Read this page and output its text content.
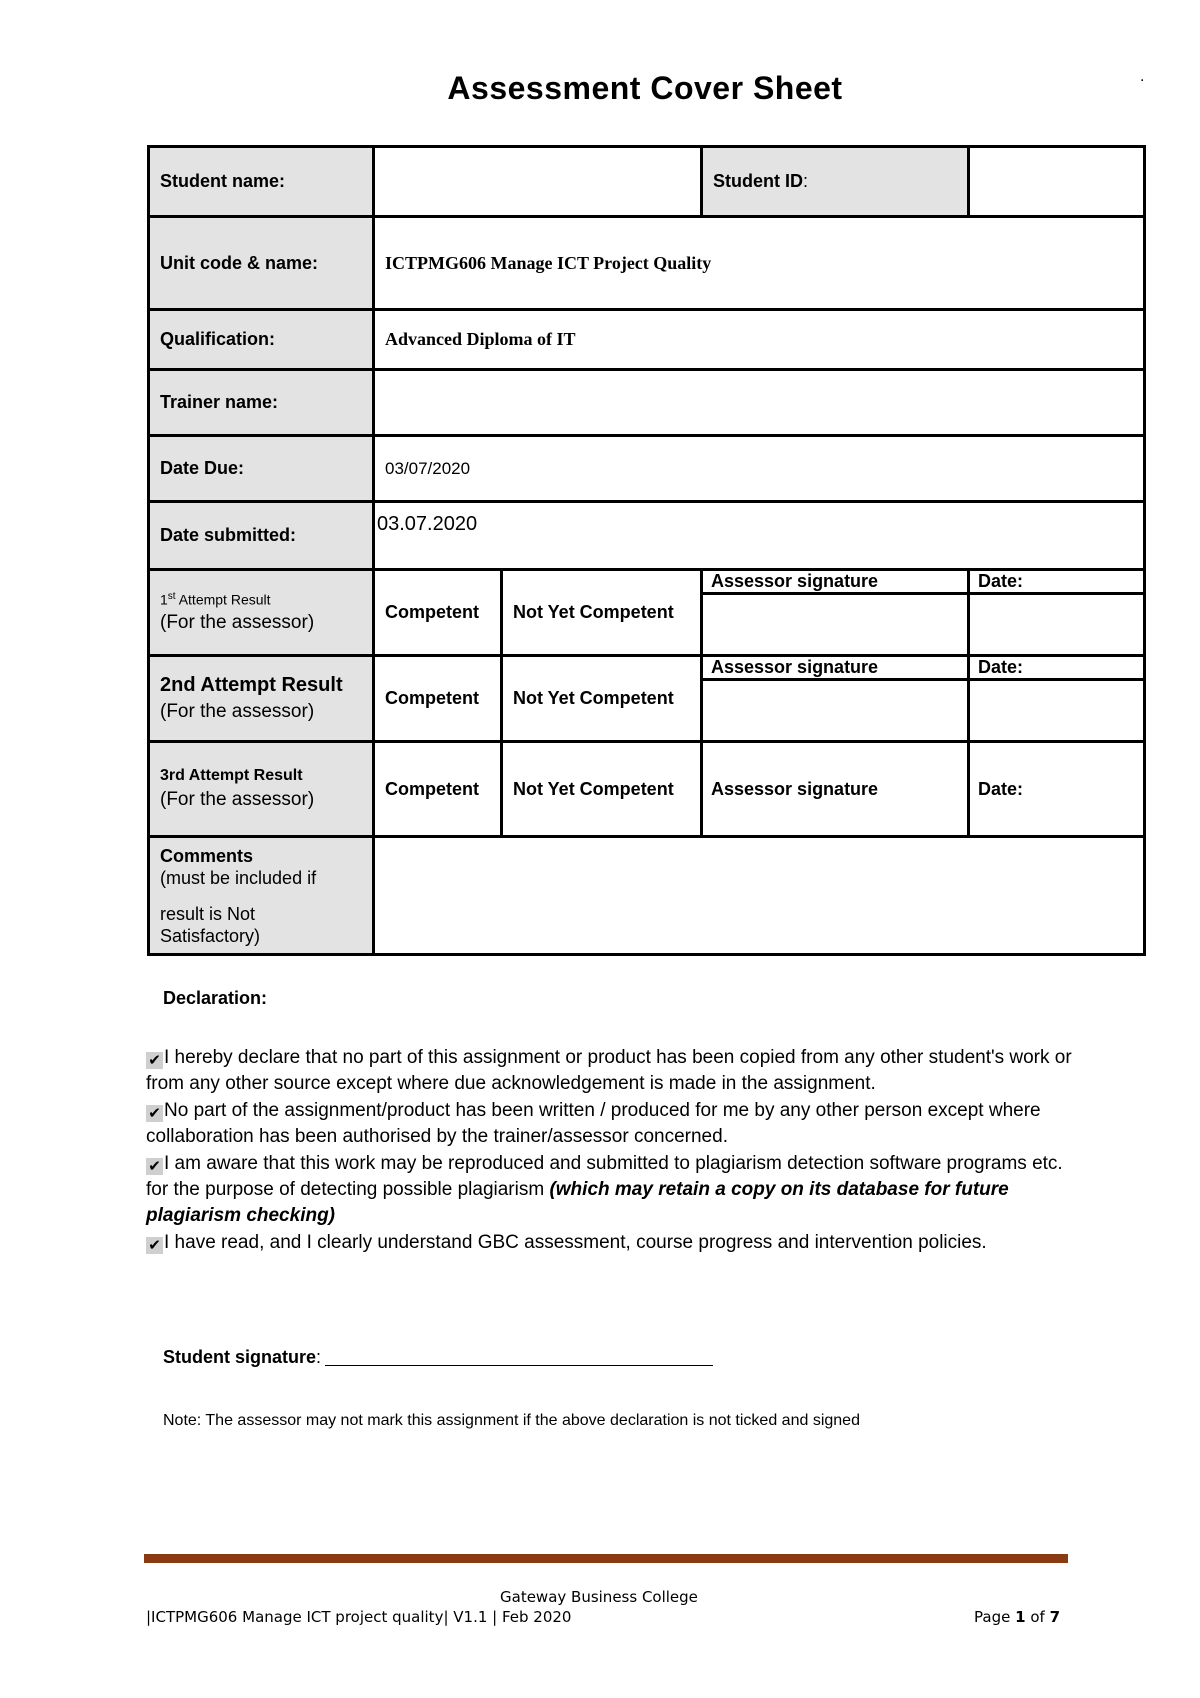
Assessment Cover Sheet	.
Student name:			Student ID:	
Unit code & name:	ICTPMG606 Manage ICT Project Quality			
Qualification:	Advanced Diploma of IT			
Trainer name:				
Date Due:	03/07/2020			
Date submitted:	03.07.2020			

1st Attempt Result
(For the assessor)	Competent	Not Yet Competent	Assessor signature	Date:

2nd Attempt Result
(For the assessor)	Competent	Not Yet Competent	Assessor signature	Date:

3rd Attempt Result
(For the assessor)	Competent	Not Yet Competent	Assessor signature	Date:

Comments
(must be included if
result is Not
Satisfactory)				

Declaration:
✔ I hereby declare that no part of this assignment or product has been copied from any other student's work or from any other source except where due acknowledgement is made in the assignment.
✔ No part of the assignment/product has been written / produced for me by any other person except where collaboration has been authorised by the trainer/assessor concerned.
✔ I am aware that this work may be reproduced and submitted to plagiarism detection software programs etc. for the purpose of detecting possible plagiarism (which may retain a copy on its database for future plagiarism checking)
✔ I have read, and I clearly understand GBC assessment, course progress and intervention policies.
Student signature:
Note: The assessor may not mark this assignment if the above declaration is not ticked and signed
Gateway Business College
|ICTPMG606 Manage ICT project quality| V1.1 | Feb 2020	Page 1 of 7
